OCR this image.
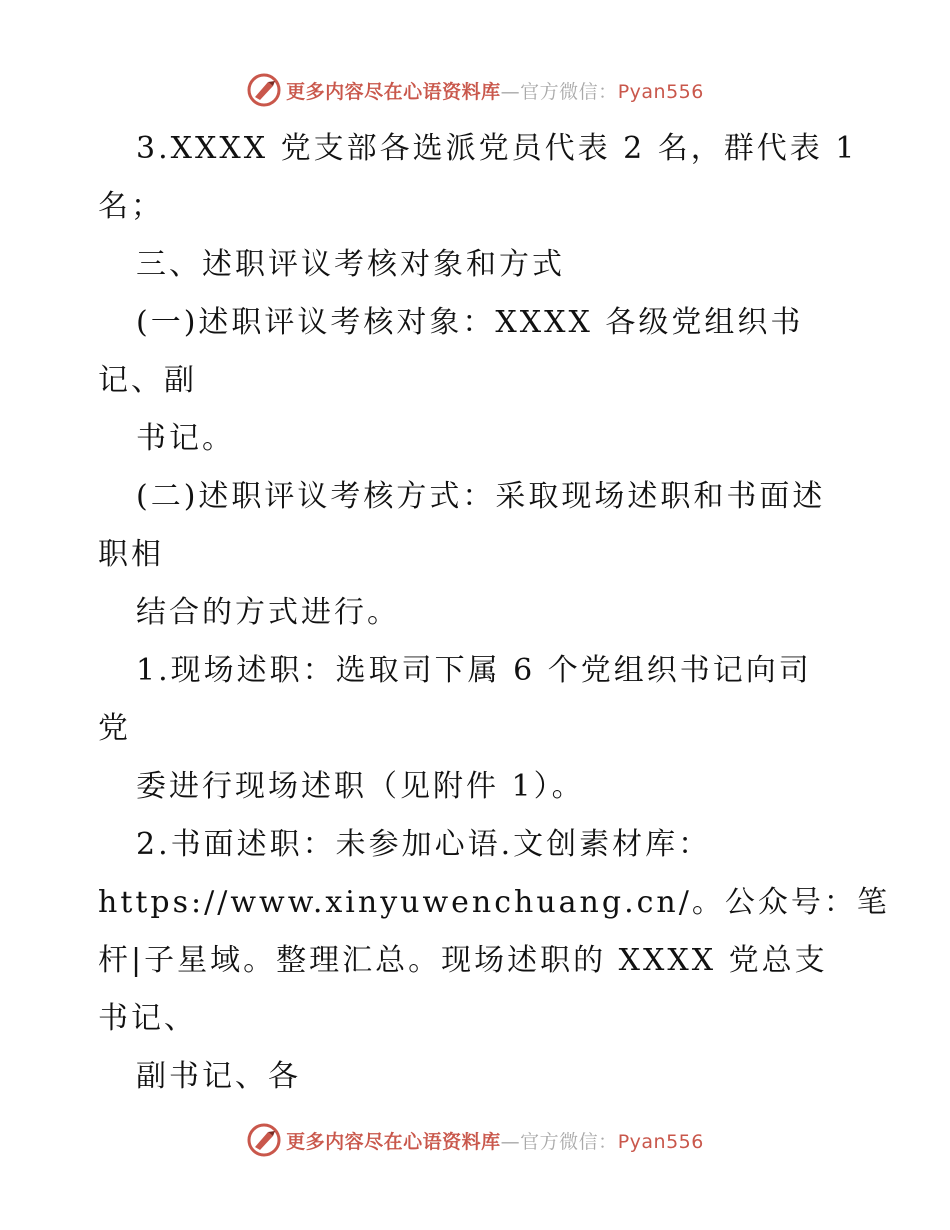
更多内容尽在心语资料库—官方微信：Pyan556
3.XXXX 党支部各选派党员代表 2 名，群代表 1
名；
三、述职评议考核对象和方式
(一)述职评议考核对象：XXXX 各级党组织书
记、副
书记。
(二)述职评议考核方式：采取现场述职和书面述
职相
结合的方式进行。
1.现场述职：选取司下属 6 个党组织书记向司
党
委进行现场述职（见附件 1）。
2.书面述职：未参加心语.文创素材库：
https://www.xinyuwenchuang.cn/。公众号：笔
杆|子星域。整理汇总。现场述职的 XXXX 党总支
书记、
副书记、各
更多内容尽在心语资料库—官方微信：Pyan556
